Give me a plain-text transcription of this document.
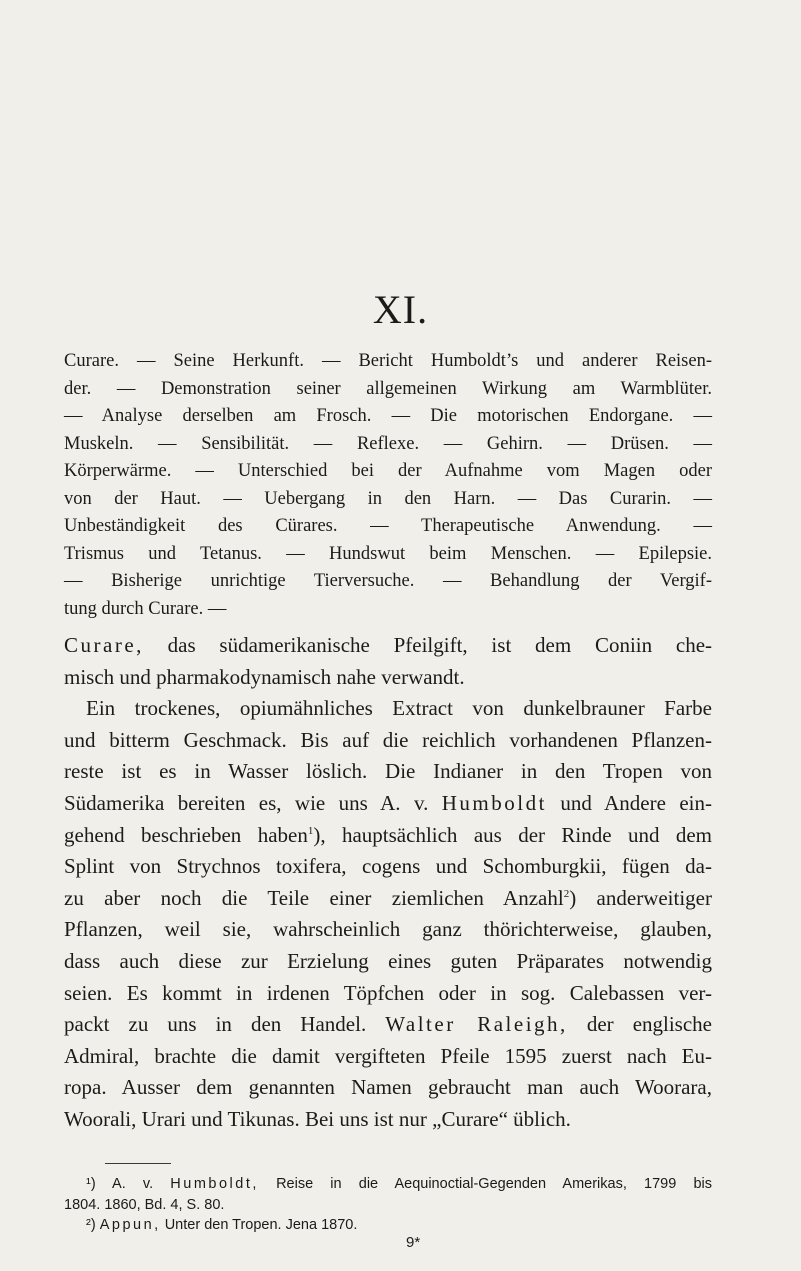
XI.
Curare. — Seine Herkunft. — Bericht Humboldt’s und anderer Reisen-
der. — Demonstration seiner allgemeinen Wirkung am Warmblüter.
— Analyse derselben am Frosch. — Die motorischen Endorgane. —
Muskeln. — Sensibilität. — Reflexe. — Gehirn. — Drüsen. —
Körperwärme. — Unterschied bei der Aufnahme vom Magen oder
von der Haut. — Uebergang in den Harn. — Das Curarin. —
Unbeständigkeit des Cürares. — Therapeutische Anwendung. —
Trismus und Tetanus. — Hundswut beim Menschen. — Epilepsie.
— Bisherige unrichtige Tierversuche. — Behandlung der Vergif-
tung durch Curare. —
Curare, das südamerikanische Pfeilgift, ist dem Coniin che-
misch und pharmakodynamisch nahe verwandt.
Ein trockenes, opiumähnliches Extract von dunkelbrauner Farbe
und bitterm Geschmack. Bis auf die reichlich vorhandenen Pflanzen-
reste ist es in Wasser löslich. Die Indianer in den Tropen von
Südamerika bereiten es, wie uns A. v. Humboldt und Andere ein-
gehend beschrieben haben$^1$), hauptsächlich aus der Rinde und dem
Splint von Strychnos toxifera, cogens und Schomburgkii, fügen da-
zu aber noch die Teile einer ziemlichen Anzahl$^2$) anderweitiger
Pflanzen, weil sie, wahrscheinlich ganz thörichterweise, glauben,
dass auch diese zur Erzielung eines guten Präparates notwendig
seien. Es kommt in irdenen Töpfchen oder in sog. Calebassen ver-
packt zu uns in den Handel. Walter Raleigh, der englische
Admiral, brachte die damit vergifteten Pfeile 1595 zuerst nach Eu-
ropa. Ausser dem genannten Namen gebraucht man auch Woorara,
Woorali, Urari und Tikunas. Bei uns ist nur „Curare“ üblich.
¹) A. v. Humboldt, Reise in die Aequinoctial-Gegenden Amerikas, 1799 bis
1804. 1860, Bd. 4, S. 80.
²) Appun, Unter den Tropen. Jena 1870.
9*
